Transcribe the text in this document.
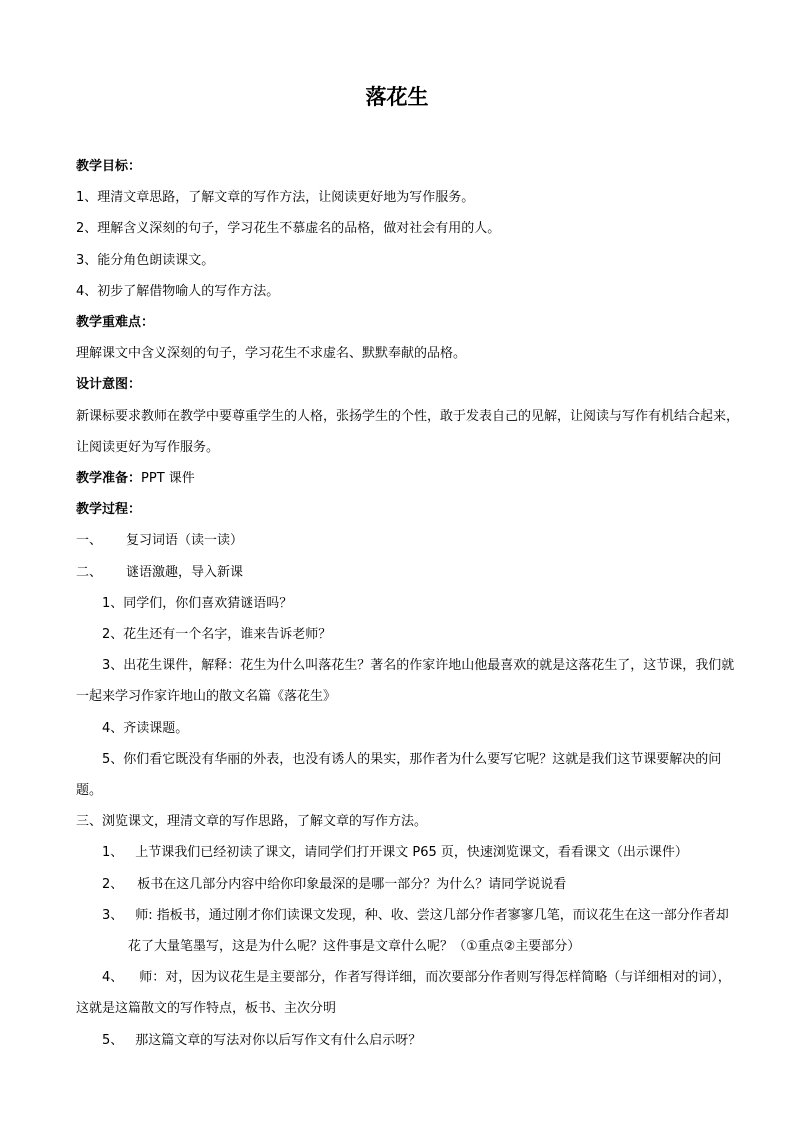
落花生

教学目标：

1、理清文章思路，了解文章的写作方法，让阅读更好地为写作服务。

2、理解含义深刻的句子，学习花生不慕虚名的品格，做对社会有用的人。

3、能分角色朗读课文。

4、初步了解借物喻人的写作方法。

教学重难点：

理解课文中含义深刻的句子，学习花生不求虚名、默默奉献的品格。

设计意图：

新课标要求教师在教学中要尊重学生的人格，张扬学生的个性，敢于发表自己的见解，让阅读与写作有机结合起来，让阅读更好为写作服务。

教学准备：PPT 课件

教学过程：

一、 复习词语（读一读）

二、 谜语激趣，导入新课

1、同学们，你们喜欢猜谜语吗？

2、花生还有一个名字，谁来告诉老师？

3、出花生课件，解释：花生为什么叫落花生？著名的作家许地山他最喜欢的就是这落花生了，这节课，我们就一起来学习作家许地山的散文名篇《落花生》

4、齐读课题。

5、你们看它既没有华丽的外表，也没有诱人的果实，那作者为什么要写它呢？这就是我们这节课要解决的问题。

三、浏览课文，理清文章的写作思路，了解文章的写作方法。

1、 上节课我们已经初读了课文，请同学们打开课文 P65 页，快速浏览课文，看看课文（出示课件）

2、 板书在这几部分内容中给你印象最深的是哪一部分？为什么？请同学说说看

3、 师: 指板书，通过刚才你们读课文发现，种、收、尝这几部分作者寥寥几笔，而议花生在这一部分作者却花了大量笔墨写，这是为什么呢？这件事是文章什么呢？（①重点②主要部分）

4、 师：对，因为议花生是主要部分，作者写得详细，而次要部分作者则写得怎样简略（与详细相对的词），这就是这篇散文的写作特点，板书、主次分明

5、 那这篇文章的写法对你以后写作文有什么启示呀？
